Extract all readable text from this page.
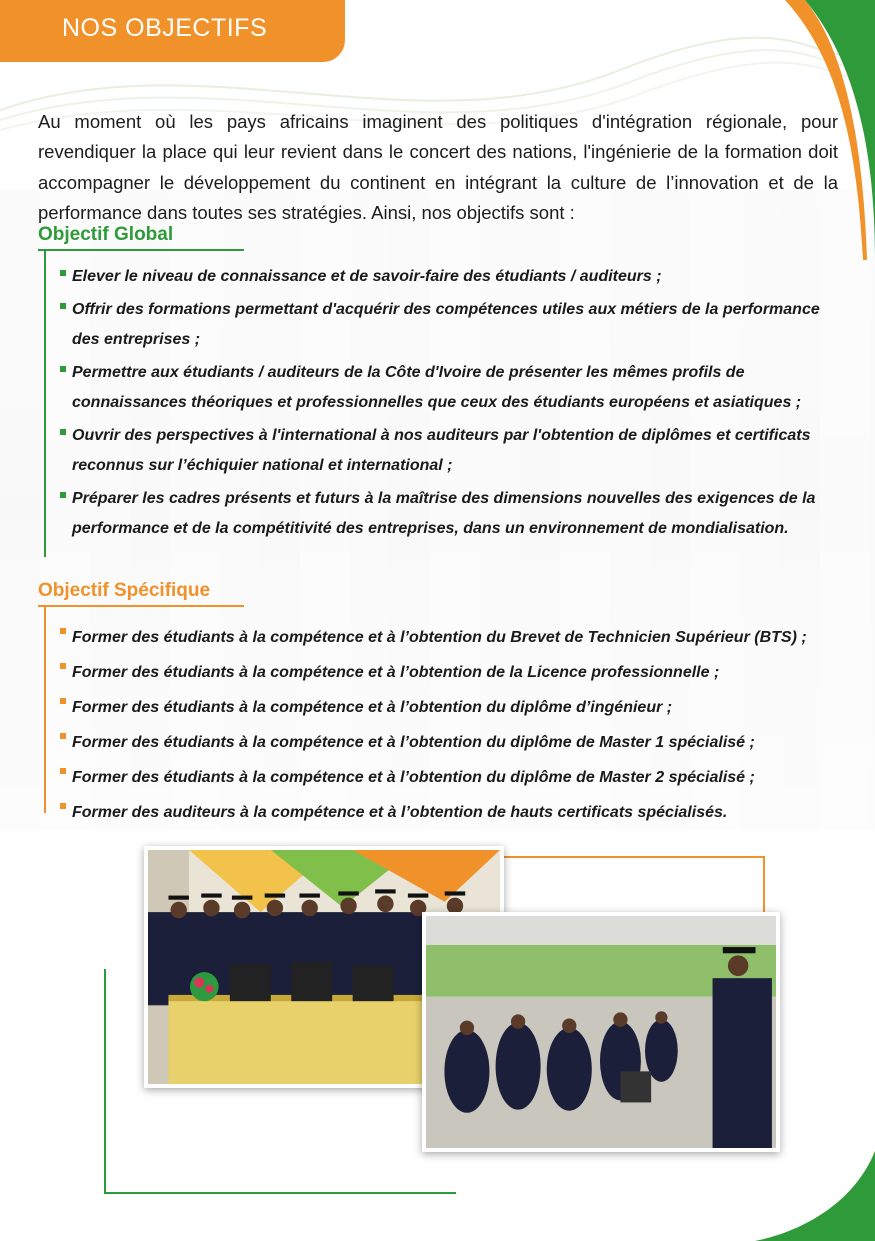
NOS OBJECTIFS

Au moment où les pays africains imaginent des politiques d'intégration régionale, pour revendiquer la place qui leur revient dans le concert des nations, l'ingénierie de la formation doit accompagner le développement du continent en intégrant la culture de l’innovation et de la performance dans toutes ses stratégies. Ainsi, nos objectifs sont :

Objectif Global
Elever le niveau de connaissance et de savoir-faire des étudiants / auditeurs ;
Offrir des formations permettant d'acquérir des compétences utiles aux métiers de la performance des entreprises ;
Permettre aux étudiants / auditeurs de la Côte d'Ivoire de présenter les mêmes profils de connaissances théoriques et professionnelles que ceux des étudiants européens et asiatiques ;
Ouvrir des perspectives à l'international à nos auditeurs par l'obtention de diplômes et certificats reconnus sur l’échiquier national et international ;
Préparer les cadres présents et futurs à la maîtrise des dimensions nouvelles des exigences de la performance et de la compétitivité des entreprises, dans un environnement de mondialisation.
Objectif Spécifique
Former des étudiants à la compétence et à l’obtention du Brevet de Technicien Supérieur (BTS) ;
Former des étudiants à la compétence et à l’obtention de la Licence professionnelle ;
Former des étudiants à la compétence et à l’obtention du diplôme d’ingénieur ;
Former des étudiants à la compétence et à l’obtention du diplôme de Master 1 spécialisé ;
Former des étudiants à la compétence et à l’obtention du diplôme de Master 2 spécialisé ;
Former des auditeurs à la compétence et à l’obtention de hauts certificats spécialisés.
